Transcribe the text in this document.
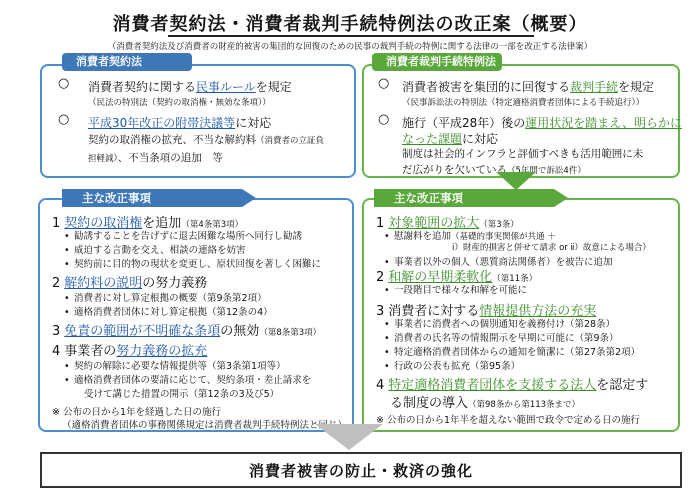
消費者契約法・消費者裁判手続特例法の改正案（概要）
（消費者契約法及び消費者の財産的被害の集団的な回復のための民事の裁判手続の特例に関する法律の一部を改正する法律案）
消費者契約法
○ 消費者契約に関する民事ルールを規定
（民法の特別法（契約の取消権・無効な条項））
○ 平成30年改正の附帯決議等に対応
契約の取消権の拡充、不当な解約料（消費者の立証負
担軽減）、不当条項の追加　等
消費者裁判手続特例法
○ 消費者被害を集団的に回復する裁判手続を規定
（民事訴訟法の特別法（特定適格消費者団体による手続追行））
○ 施行（平成28年）後の運用状況を踏まえ、明らかに
なった課題に対応
制度は社会的インフラと評価すべきも活用範囲に未
だ広がりを欠いている（5年間で訴訟4件）
主な改正事項
1 契約の取消権を追加（第4条第3項）
• 勧誘することを告げずに退去困難な場所へ同行し勧誘
• 威迫する言動を交え、相談の連絡を妨害
• 契約前に目的物の現状を変更し、原状回復を著しく困難に
2 解約料の説明の努力義務
• 消費者に対し算定根拠の概要（第9条第2項）
• 適格消費者団体に対し算定根拠（第12条の4）
3 免責の範囲が不明確な条項の無効（第8条第3項）
4 事業者の努力義務の拡充
• 契約の解除に必要な情報提供等（第3条第1項等）
• 適格消費者団体の要請に応じて、契約条項・差止請求を
受けて講じた措置の開示（第12条の3及び5）
※ 公布の日から1年を経過した日の施行
（適格消費者団体の事務関係規定は消費者裁判手続特例法と同じ）
主な改正事項
1 対象範囲の拡大（第3条）
• 慰謝料を追加（基礎的事実関係が共通 ＋
ⅰ）財産的損害と併せて請求 or ⅱ）故意による場合）
• 事業者以外の個人（悪質商法関係者）を被告に追加
2 和解の早期柔軟化（第11条）
• 一段階目で様々な和解を可能に
3 消費者に対する情報提供方法の充実
• 事業者に消費者への個別通知を義務付け（第28条）
• 消費者の氏名等の情報開示を早期に可能に（第9条）
• 特定適格消費者団体からの通知を簡潔に（第27条第2項）
• 行政の公表も拡充（第95条）
4 特定適格消費者団体を支援する法人を認定す
る制度の導入（第98条から第113条まで）
※ 公布の日から1年半を超えない範囲で政令で定める日の施行
消費者被害の防止・救済の強化
